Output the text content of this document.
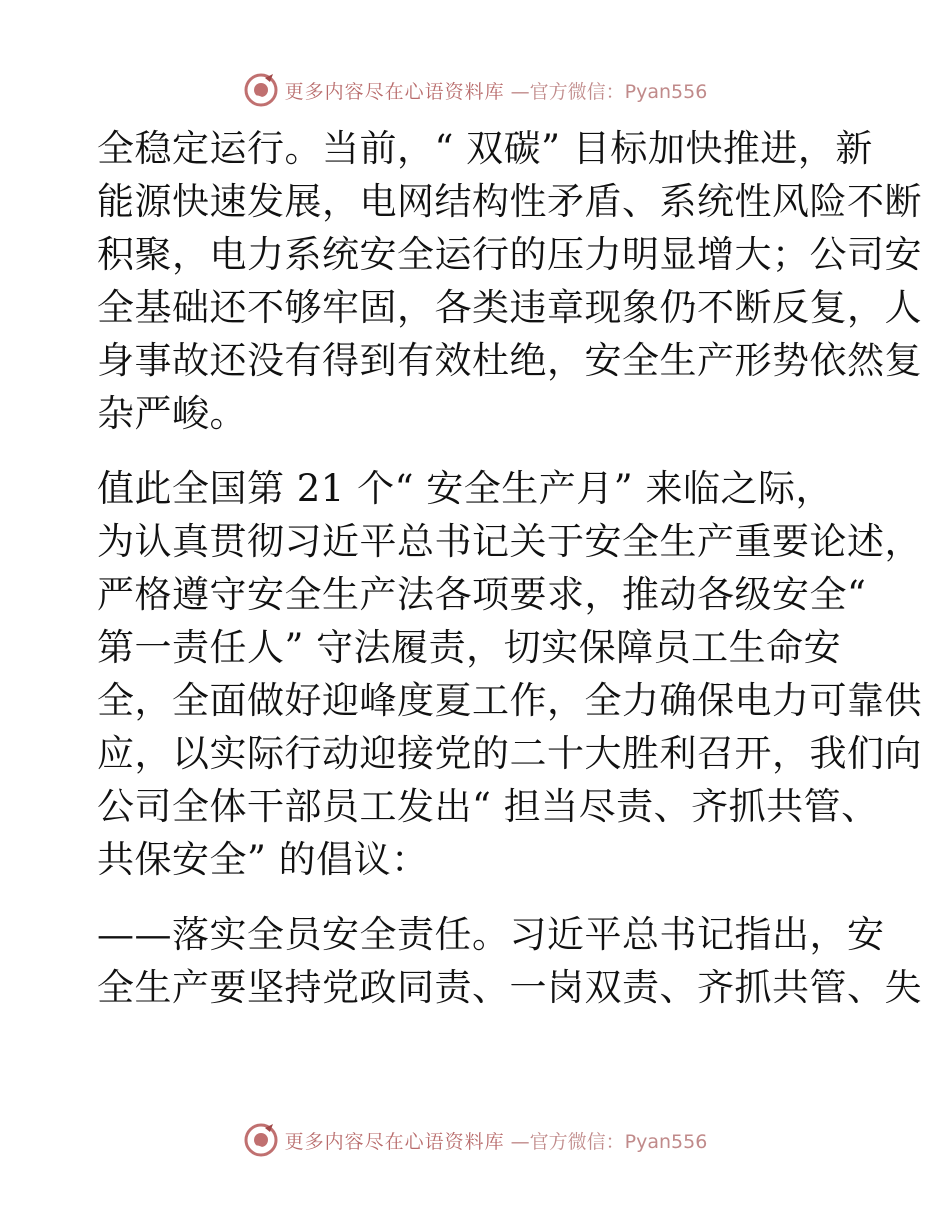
更多内容尽在心语资料库 —官方微信：Pyan556
全稳定运行。当前，“ 双碳” 目标加快推进，新
能源快速发展，电网结构性矛盾、系统性风险不断
积聚，电力系统安全运行的压力明显增大；公司安
全基础还不够牢固，各类违章现象仍不断反复，人
身事故还没有得到有效杜绝，安全生产形势依然复
杂严峻。
值此全国第 21 个“ 安全生产月” 来临之际，
为认真贯彻习近平总书记关于安全生产重要论述，
严格遵守安全生产法各项要求，推动各级安全“
第一责任人” 守法履责，切实保障员工生命安
全，全面做好迎峰度夏工作，全力确保电力可靠供
应，以实际行动迎接党的二十大胜利召开，我们向
公司全体干部员工发出“ 担当尽责、齐抓共管、
共保安全” 的倡议：
——落实全员安全责任。习近平总书记指出，安
全生产要坚持党政同责、一岗双责、齐抓共管、失
更多内容尽在心语资料库 —官方微信：Pyan556
